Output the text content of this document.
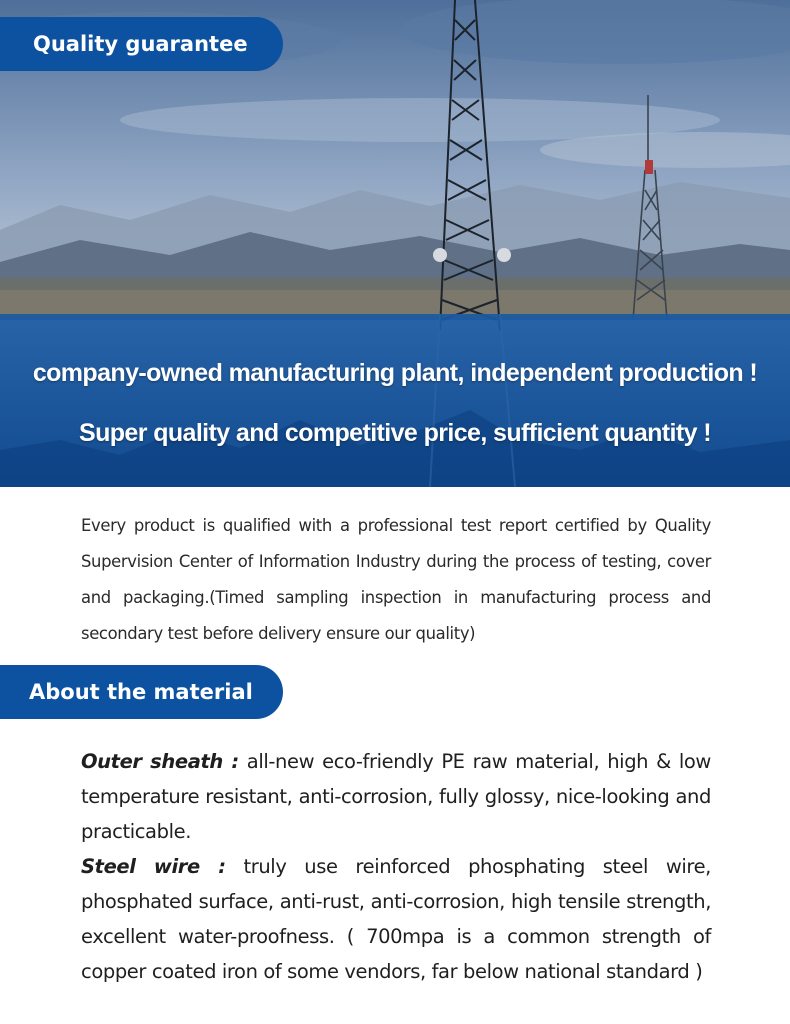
Quality guarantee
company-owned manufacturing plant, independent production !
Super quality and competitive price, sufficient quantity !

Every product is qualified with a professional test report certified by Quality Supervision Center of Information Industry during the process of testing, cover and packaging.(Timed sampling inspection in manufacturing process and secondary test before delivery ensure our quality)

About the material

Outer sheath : all-new eco-friendly PE raw material, high & low temperature resistant, anti-corrosion, fully glossy, nice-looking and practicable.

Steel wire : truly use reinforced phosphating steel wire, phosphated surface, anti-rust, anti-corrosion, high tensile strength, excellent water-proofness. ( 700mpa is a common strength of copper coated iron of some vendors, far below national standard )
